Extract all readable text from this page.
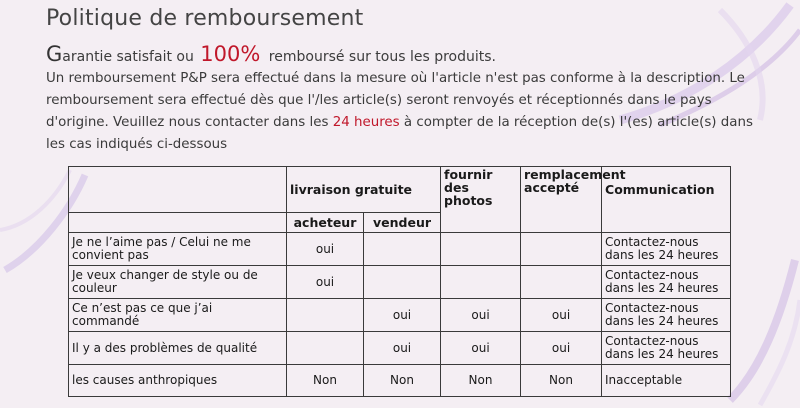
Politique de remboursement
Garantie satisfait ou 100% remboursé sur tous les produits.
Un remboursement P&P sera effectué dans la mesure où l'article n'est pas conforme à la description. Le remboursement sera effectué dès que l'/les article(s) seront renvoyés et réceptionnés dans le pays d'origine. Veuillez nous contacter dans les 24 heures à compter de la réception de(s) l'(es) article(s) dans les cas indiqués ci-dessous
	livraison gratuite		fournir des photos	remplacement accepté	Communication
	acheteur	vendeur			
Je ne l’aime pas / Celui ne me convient pas	oui				Contactez-nous dans les 24 heures
Je veux changer de style ou de couleur	oui				Contactez-nous dans les 24 heures
Ce n’est pas ce que j’ai commandé		oui	oui	oui	Contactez-nous dans les 24 heures
Il y a des problèmes de qualité		oui	oui	oui	Contactez-nous dans les 24 heures
les causes anthropiques	Non	Non	Non	Non	Inacceptable
